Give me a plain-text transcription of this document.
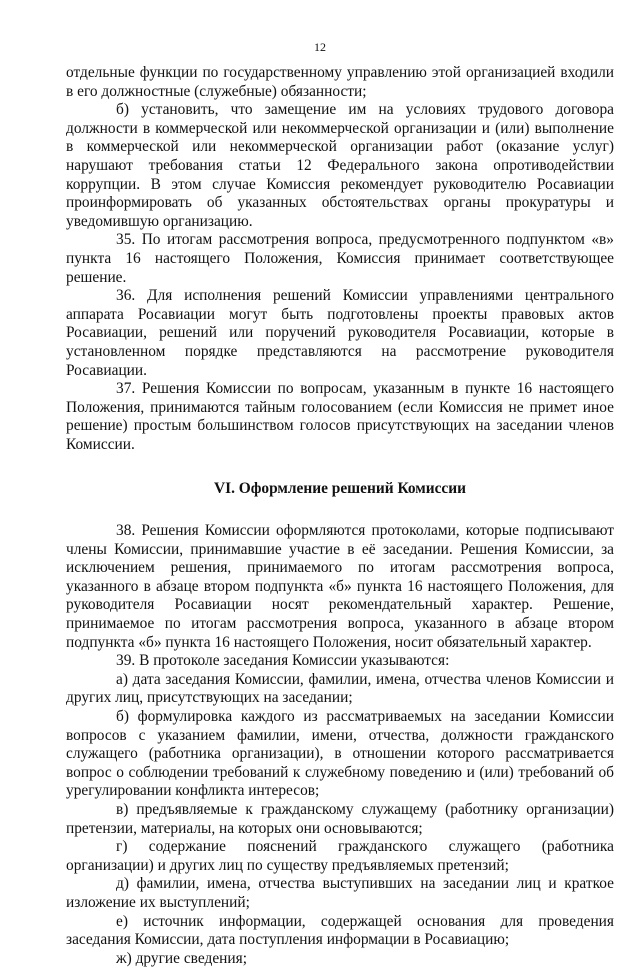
12

отдельные функции по государственному управлению этой организацией входили в его должностные (служебные) обязанности;

б) установить, что замещение им на условиях трудового договора должности в коммерческой или некоммерческой организации и (или) выполнение в коммерческой или некоммерческой организации работ (оказание услуг) нарушают требования статьи 12 Федерального закона опротиводействии коррупции. В этом случае Комиссия рекомендует руководителю Росавиации проинформировать об указанных обстоятельствах органы прокуратуры и уведомившую организацию.

35. По итогам рассмотрения вопроса, предусмотренного подпунктом «в» пункта 16 настоящего Положения, Комиссия принимает соответствующее решение.

36. Для исполнения решений Комиссии управлениями центрального аппарата Росавиации могут быть подготовлены проекты правовых актов Росавиации, решений или поручений руководителя Росавиации, которые в установленном порядке представляются на рассмотрение руководителя Росавиации.

37. Решения Комиссии по вопросам, указанным в пункте 16 настоящего Положения, принимаются тайным голосованием (если Комиссия не примет иное решение) простым большинством голосов присутствующих на заседании членов Комиссии.

VI. Оформление решений Комиссии

38. Решения Комиссии оформляются протоколами, которые подписывают члены Комиссии, принимавшие участие в её заседании. Решения Комиссии, за исключением решения, принимаемого по итогам рассмотрения вопроса, указанного в абзаце втором подпункта «б» пункта 16 настоящего Положения, для руководителя Росавиации носят рекомендательный характер. Решение, принимаемое по итогам рассмотрения вопроса, указанного в абзаце втором подпункта «б» пункта 16 настоящего Положения, носит обязательный характер.

39. В протоколе заседания Комиссии указываются:

а) дата заседания Комиссии, фамилии, имена, отчества членов Комиссии и других лиц, присутствующих на заседании;

б) формулировка каждого из рассматриваемых на заседании Комиссии вопросов с указанием фамилии, имени, отчества, должности гражданского служащего (работника организации), в отношении которого рассматривается вопрос о соблюдении требований к служебному поведению и (или) требований об урегулировании конфликта интересов;

в) предъявляемые к гражданскому служащему (работнику организации) претензии, материалы, на которых они основываются;

г) содержание пояснений гражданского служащего (работника организации) и других лиц по существу предъявляемых претензий;

д) фамилии, имена, отчества выступивших на заседании лиц и краткое изложение их выступлений;

е) источник информации, содержащей основания для проведения заседания Комиссии, дата поступления информации в Росавиацию;

ж) другие сведения;
